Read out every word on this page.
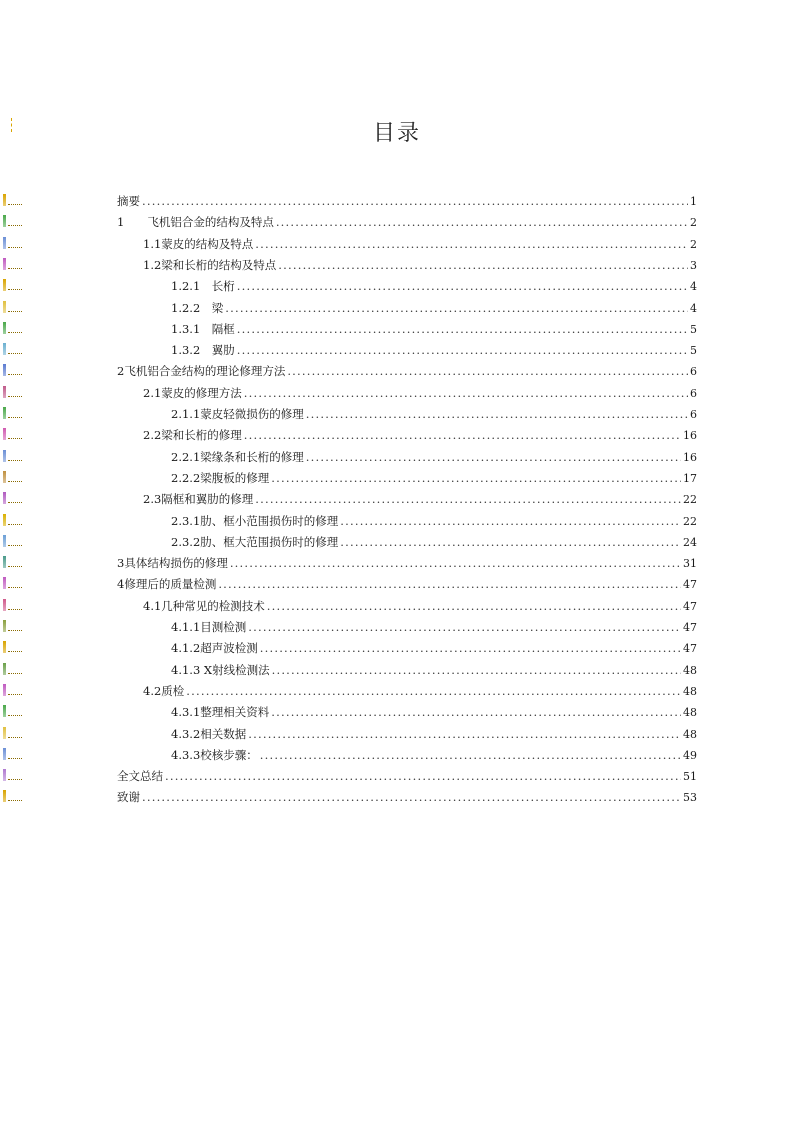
目录
摘要 .....	1
1　　飞机铝合金的结构及特点 .....	2
1.1蒙皮的结构及特点 .....	2
1.2梁和长桁的结构及特点 .....	3
1.2.1　长桁 .....	4
1.2.2　梁 .....	4
1.3.1　隔框 .....	5
1.3.2　翼肋 .....	5
2飞机铝合金结构的理论修理方法 .....	6
2.1蒙皮的修理方法 .....	6
2.1.1蒙皮轻微损伤的修理 .....	6
2.2梁和长桁的修理 .....	16
2.2.1梁缘条和长桁的修理 .....	16
2.2.2梁腹板的修理 .....	17
2.3隔框和翼肋的修理 .....	22
2.3.1肋、框小范围损伤时的修理 .....	22
2.3.2肋、框大范围损伤时的修理 .....	24
3具体结构损伤的修理 .....	31
4修理后的质量检测 .....	47
4.1几种常见的检测技术 .....	47
4.1.1目测检测 .....	47
4.1.2超声波检测 .....	47
4.1.3 X射线检测法 .....	48
4.2质检 .....	48
4.3.1整理相关资料 .....	48
4.3.2相关数据 .....	48
4.3.3校核步骤： .....	49
全文总结 .....	51
致谢 .....	53
